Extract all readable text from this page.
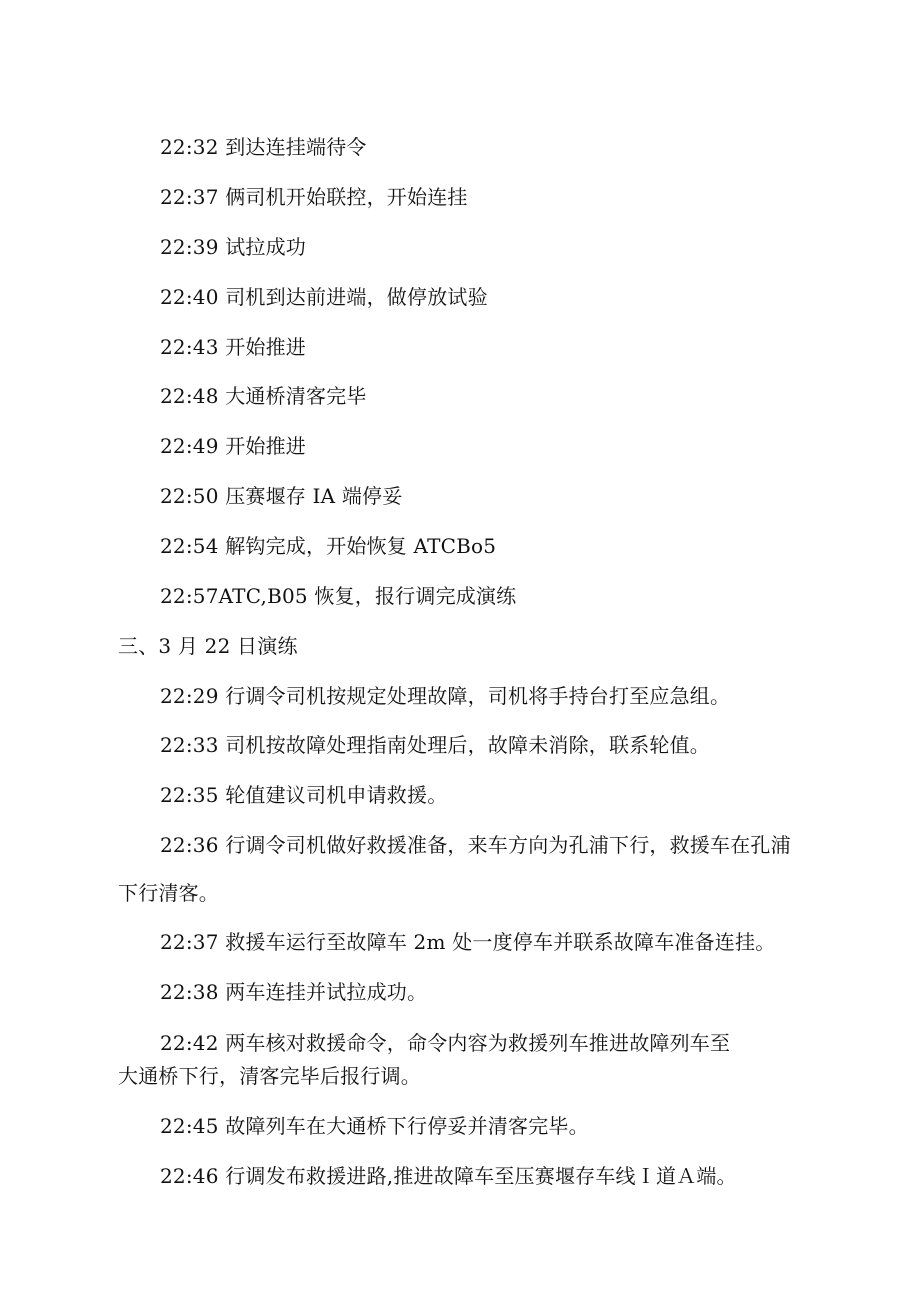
22:32 到达连挂端待令
22:37 俩司机开始联控，开始连挂
22:39 试拉成功
22:40 司机到达前进端，做停放试验
22:43 开始推进
22:48 大通桥清客完毕
22:49 开始推进
22:50 压赛堰存 IA 端停妥
22:54 解钩完成，开始恢复 ATCBo5
22:57ATC,B05 恢复，报行调完成演练
三、3 月 22 日演练
22:29 行调令司机按规定处理故障，司机将手持台打至应急组。
22:33 司机按故障处理指南处理后，故障未消除，联系轮值。
22:35 轮值建议司机申请救援。
22:36 行调令司机做好救援准备，来车方向为孔浦下行，救援车在孔浦
下行清客。
22:37 救援车运行至故障车 2m 处一度停车并联系故障车准备连挂。
22:38 两车连挂并试拉成功。
22:42 两车核对救援命令，命令内容为救援列车推进故障列车至
大通桥下行，清客完毕后报行调。
22:45 故障列车在大通桥下行停妥并清客完毕。
22:46 行调发布救援进路,推进故障车至压赛堰存车线Ｉ道Ａ端。
